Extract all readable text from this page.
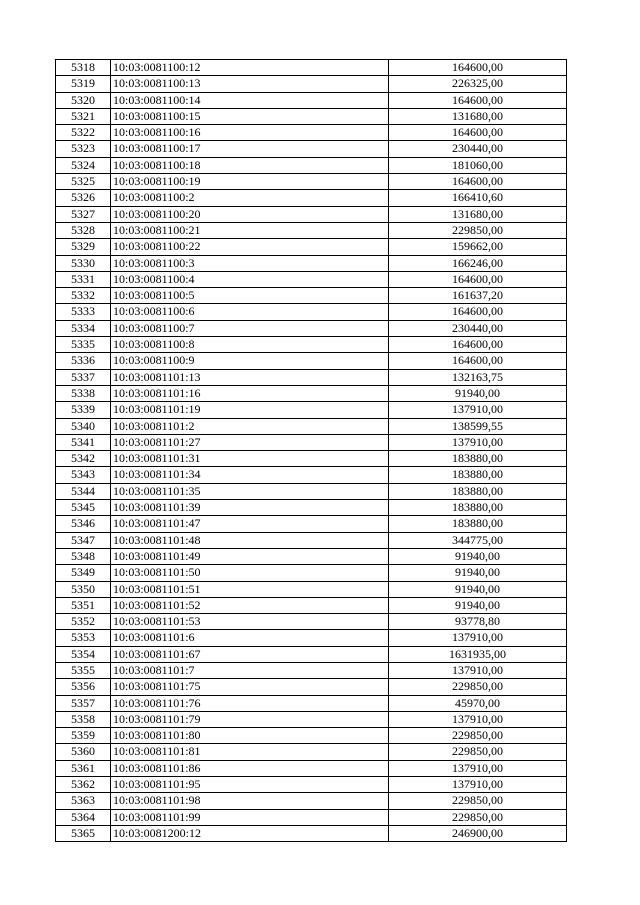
5318	10:03:0081100:12	164600,00
5319	10:03:0081100:13	226325,00
5320	10:03:0081100:14	164600,00
5321	10:03:0081100:15	131680,00
5322	10:03:0081100:16	164600,00
5323	10:03:0081100:17	230440,00
5324	10:03:0081100:18	181060,00
5325	10:03:0081100:19	164600,00
5326	10:03:0081100:2	166410,60
5327	10:03:0081100:20	131680,00
5328	10:03:0081100:21	229850,00
5329	10:03:0081100:22	159662,00
5330	10:03:0081100:3	166246,00
5331	10:03:0081100:4	164600,00
5332	10:03:0081100:5	161637,20
5333	10:03:0081100:6	164600,00
5334	10:03:0081100:7	230440,00
5335	10:03:0081100:8	164600,00
5336	10:03:0081100:9	164600,00
5337	10:03:0081101:13	132163,75
5338	10:03:0081101:16	91940,00
5339	10:03:0081101:19	137910,00
5340	10:03:0081101:2	138599,55
5341	10:03:0081101:27	137910,00
5342	10:03:0081101:31	183880,00
5343	10:03:0081101:34	183880,00
5344	10:03:0081101:35	183880,00
5345	10:03:0081101:39	183880,00
5346	10:03:0081101:47	183880,00
5347	10:03:0081101:48	344775,00
5348	10:03:0081101:49	91940,00
5349	10:03:0081101:50	91940,00
5350	10:03:0081101:51	91940,00
5351	10:03:0081101:52	91940,00
5352	10:03:0081101:53	93778,80
5353	10:03:0081101:6	137910,00
5354	10:03:0081101:67	1631935,00
5355	10:03:0081101:7	137910,00
5356	10:03:0081101:75	229850,00
5357	10:03:0081101:76	45970,00
5358	10:03:0081101:79	137910,00
5359	10:03:0081101:80	229850,00
5360	10:03:0081101:81	229850,00
5361	10:03:0081101:86	137910,00
5362	10:03:0081101:95	137910,00
5363	10:03:0081101:98	229850,00
5364	10:03:0081101:99	229850,00
5365	10:03:0081200:12	246900,00
